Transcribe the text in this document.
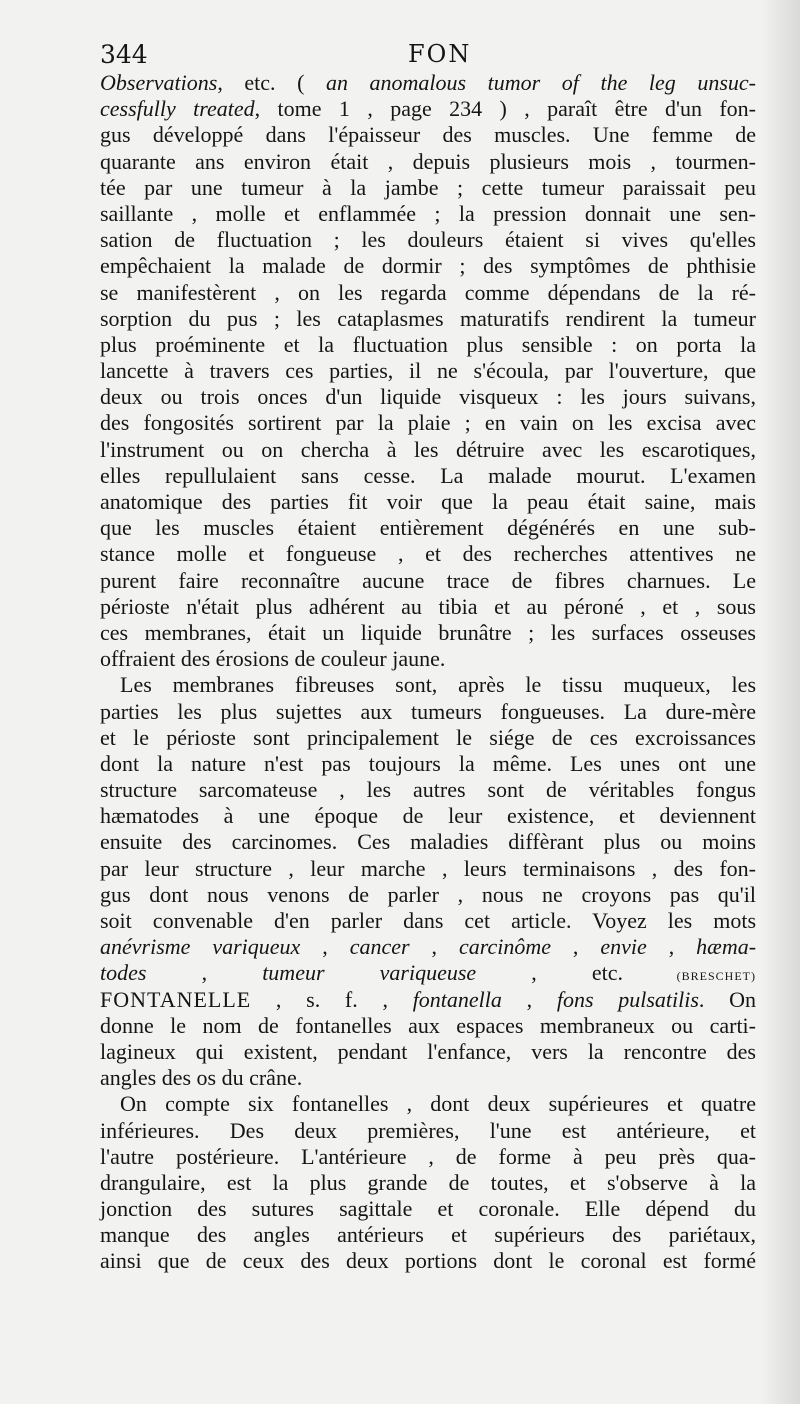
344	FON
Observations, etc. ( an anomalous tumor of the leg unsuc-
cessfully treated, tome 1 , page 234 ) , paraît être d'un fon-
gus développé dans l'épaisseur des muscles. Une femme de
quarante ans environ était , depuis plusieurs mois , tourmen-
tée par une tumeur à la jambe ; cette tumeur paraissait peu
saillante , molle et enflammée ; la pression donnait une sen-
sation de fluctuation ; les douleurs étaient si vives qu'elles
empêchaient la malade de dormir ; des symptômes de phthisie
se manifestèrent , on les regarda comme dépendans de la ré-
sorption du pus ; les cataplasmes maturatifs rendirent la tumeur
plus proéminente et la fluctuation plus sensible : on porta la
lancette à travers ces parties, il ne s'écoula, par l'ouverture, que
deux ou trois onces d'un liquide visqueux : les jours suivans,
des fongosités sortirent par la plaie ; en vain on les excisa avec
l'instrument ou on chercha à les détruire avec les escarotiques,
elles repullulaient sans cesse. La malade mourut. L'examen
anatomique des parties fit voir que la peau était saine, mais
que les muscles étaient entièrement dégénérés en une sub-
stance molle et fongueuse , et des recherches attentives ne
purent faire reconnaître aucune trace de fibres charnues. Le
périoste n'était plus adhérent au tibia et au péroné , et , sous
ces membranes, était un liquide brunâtre ; les surfaces osseuses
offraient des érosions de couleur jaune.
Les membranes fibreuses sont, après le tissu muqueux, les
parties les plus sujettes aux tumeurs fongueuses. La dure-mère
et le périoste sont principalement le siége de ces excroissances
dont la nature n'est pas toujours la même. Les unes ont une
structure sarcomateuse , les autres sont de véritables fongus
hæmatodes à une époque de leur existence, et deviennent
ensuite des carcinomes. Ces maladies diffèrant plus ou moins
par leur structure , leur marche , leurs terminaisons , des fon-
gus dont nous venons de parler , nous ne croyons pas qu'il
soit convenable d'en parler dans cet article. Voyez les mots
anévrisme variqueux , cancer , carcinôme , envie , hæma-
todes , tumeur variqueuse , etc. (BRESCHET)
FONTANELLE , s. f. , fontanella , fons pulsatilis. On
donne le nom de fontanelles aux espaces membraneux ou carti-
lagineux qui existent, pendant l'enfance, vers la rencontre des
angles des os du crâne.
On compte six fontanelles , dont deux supérieures et quatre
inférieures. Des deux premières, l'une est antérieure, et
l'autre postérieure. L'antérieure , de forme à peu près qua-
drangulaire, est la plus grande de toutes, et s'observe à la
jonction des sutures sagittale et coronale. Elle dépend du
manque des angles antérieurs et supérieurs des pariétaux,
ainsi que de ceux des deux portions dont le coronal est formé
